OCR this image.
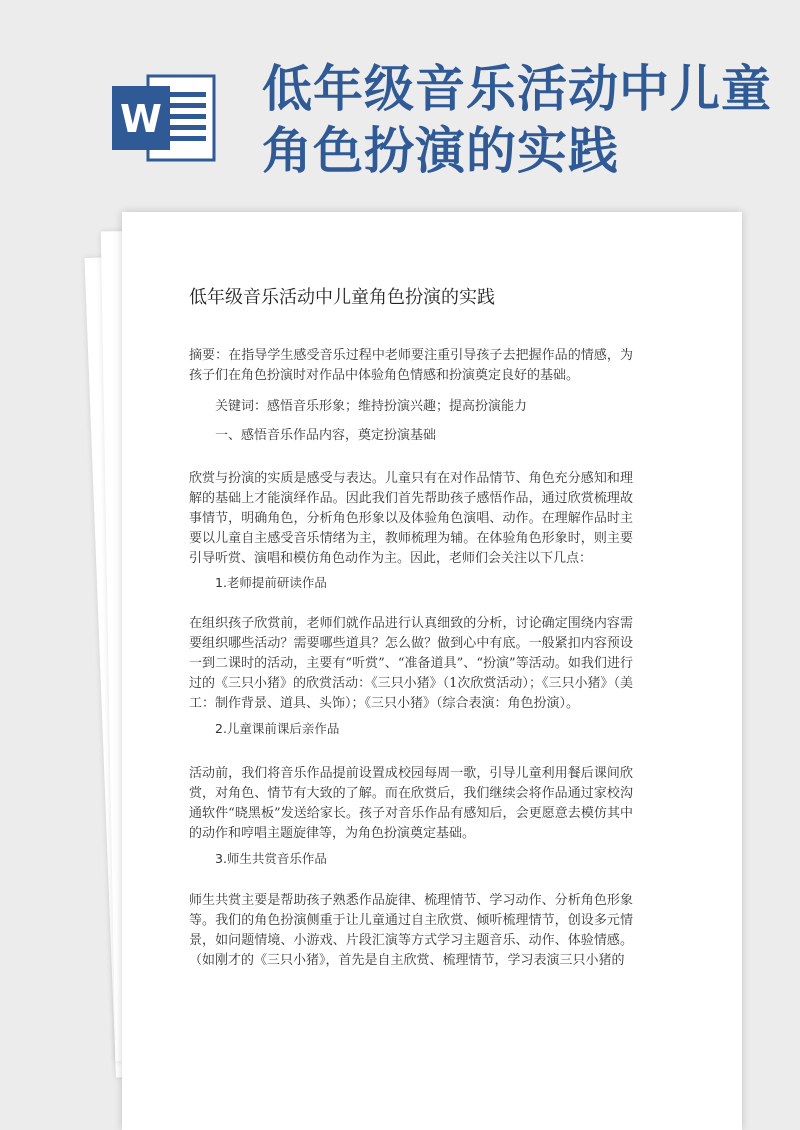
W
低年级音乐活动中儿童角色扮演的实践
低年级音乐活动中儿童角色扮演的实践
摘要：在指导学生感受音乐过程中老师要注重引导孩子去把握作品的情感，为孩子们在角色扮演时对作品中体验角色情感和扮演奠定良好的基础。
关键词：感悟音乐形象；维持扮演兴趣；提高扮演能力
一、感悟音乐作品内容，奠定扮演基础
欣赏与扮演的实质是感受与表达。儿童只有在对作品情节、角色充分感知和理解的基础上才能演绎作品。因此我们首先帮助孩子感悟作品，通过欣赏梳理故事情节，明确角色，分析角色形象以及体验角色演唱、动作。在理解作品时主要以儿童自主感受音乐情绪为主，教师梳理为辅。在体验角色形象时，则主要引导听赏、演唱和模仿角色动作为主。因此，老师们会关注以下几点：
1.老师提前研读作品
在组织孩子欣赏前，老师们就作品进行认真细致的分析，讨论确定围绕内容需要组织哪些活动？需要哪些道具？怎么做？做到心中有底。一般紧扣内容预设一到二课时的活动，主要有“听赏”、“准备道具”、“扮演”等活动。如我们进行过的《三只小猪》的欣赏活动：《三只小猪》（1次欣赏活动）；《三只小猪》（美工：制作背景、道具、头饰）；《三只小猪》（综合表演：角色扮演）。
2.儿童课前课后亲作品
活动前，我们将音乐作品提前设置成校园每周一歌，引导儿童利用餐后课间欣赏，对角色、情节有大致的了解。而在欣赏后，我们继续会将作品通过家校沟通软件“晓黑板”发送给家长。孩子对音乐作品有感知后，会更愿意去模仿其中的动作和哼唱主题旋律等，为角色扮演奠定基础。
3.师生共赏音乐作品
师生共赏主要是帮助孩子熟悉作品旋律、梳理情节、学习动作、分析角色形象等。我们的角色扮演侧重于让儿童通过自主欣赏、倾听梳理情节，创设多元情景，如问题情境、小游戏、片段汇演等方式学习主题音乐、动作、体验情感。（如刚才的《三只小猪》，首先是自主欣赏、梳理情节，学习表演三只小猪的
